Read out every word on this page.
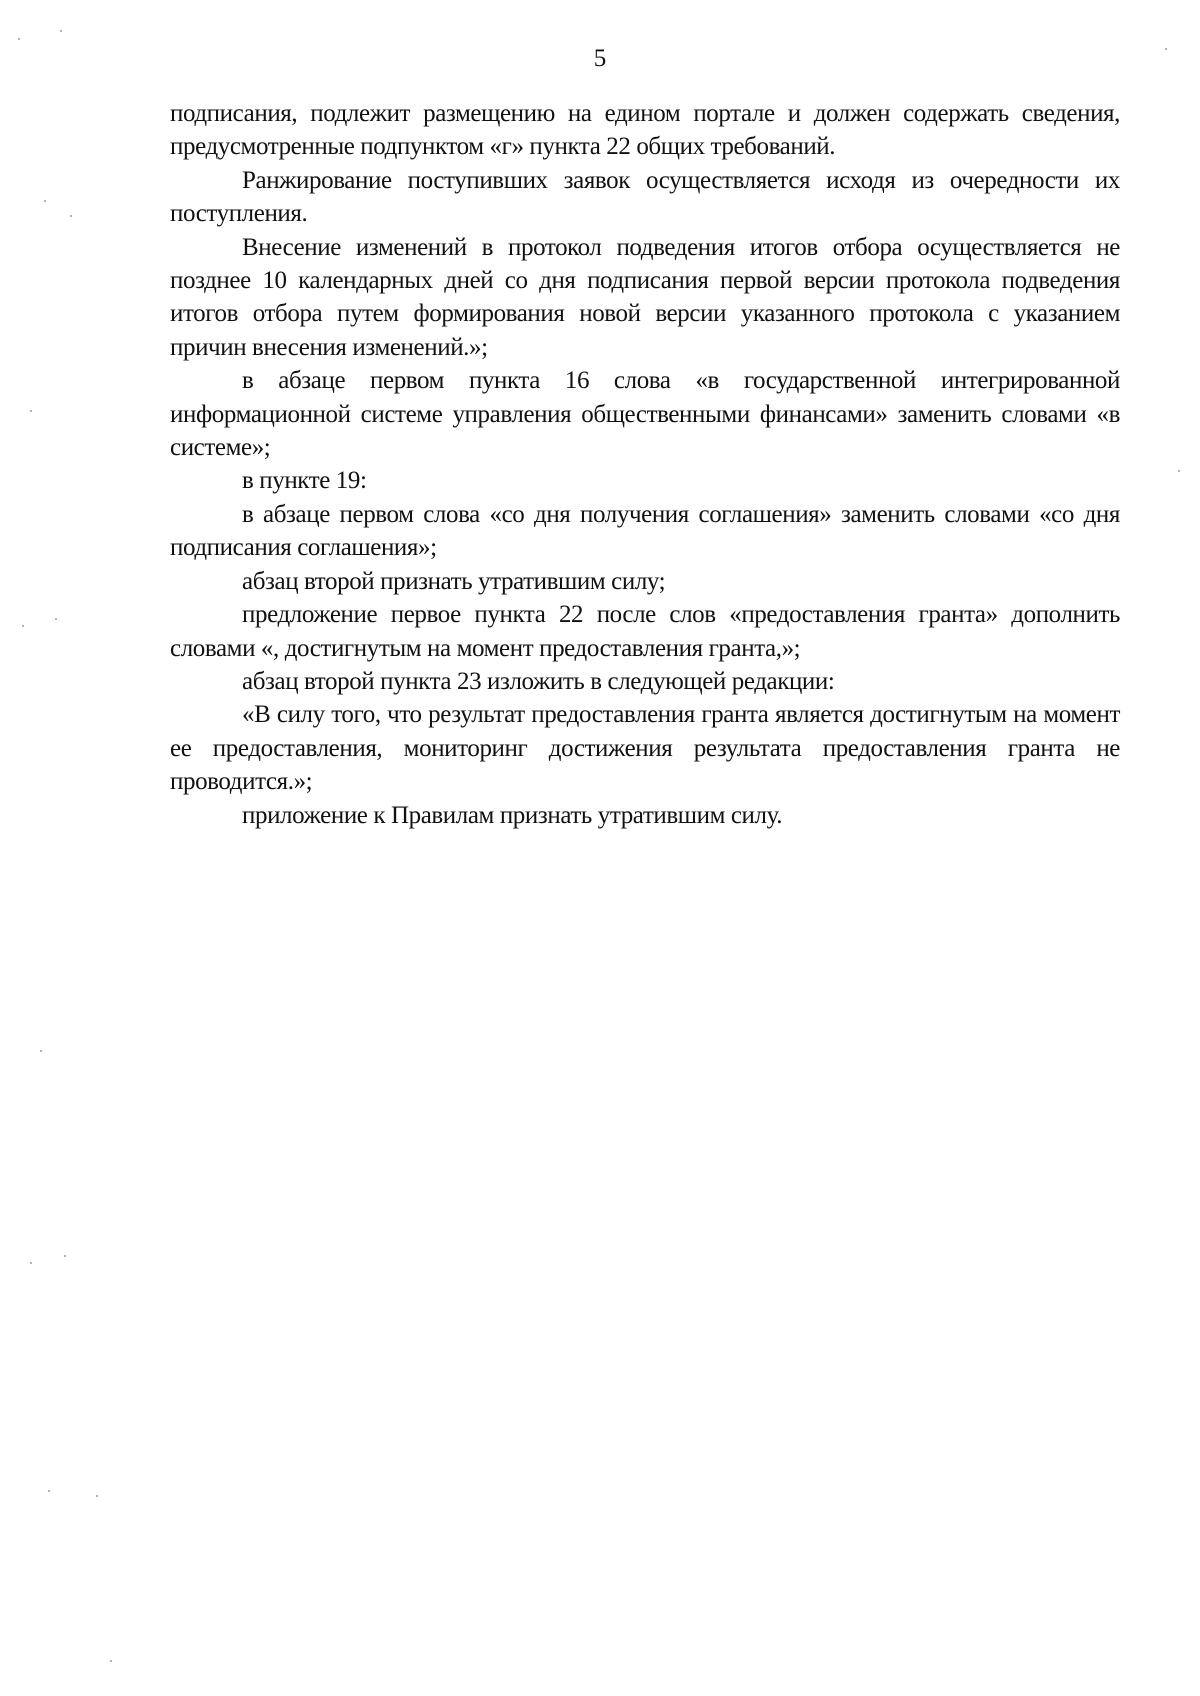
5

подписания, подлежит размещению на едином портале и должен содержать сведения, предусмотренные подпунктом «г» пункта 22 общих требований.

Ранжирование поступивших заявок осуществляется исходя из очередности их поступления.

Внесение изменений в протокол подведения итогов отбора осуществляется не позднее 10 календарных дней со дня подписания первой версии протокола подведения итогов отбора путем формирования новой версии указанного протокола с указанием причин внесения изменений.»;

в абзаце первом пункта 16 слова «в государственной интегрированной информационной системе управления общественными финансами» заменить словами «в системе»;

в пункте 19:

в абзаце первом слова «со дня получения соглашения» заменить словами «со дня подписания соглашения»;

абзац второй признать утратившим силу;

предложение первое пункта 22 после слов «предоставления гранта» дополнить словами «, достигнутым на момент предоставления гранта,»;

абзац второй пункта 23 изложить в следующей редакции:

«В силу того, что результат предоставления гранта является достигнутым на момент ее предоставления, мониторинг достижения результата предоставления гранта не проводится.»;

приложение к Правилам признать утратившим силу.
